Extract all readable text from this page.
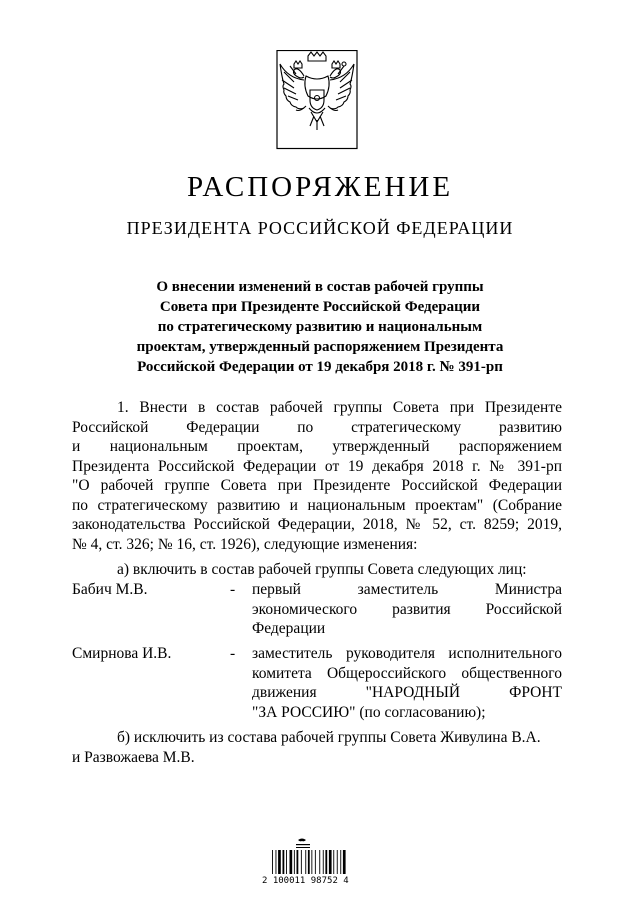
РАСПОРЯЖЕНИЕ
ПРЕЗИДЕНТА РОССИЙСКОЙ ФЕДЕРАЦИИ
О внесении изменений в состав рабочей группы
Совета при Президенте Российской Федерации
по стратегическому развитию и национальным
проектам, утвержденный распоряжением Президента
Российской Федерации от 19 декабря 2018 г. № 391-рп
1. Внести в состав рабочей группы Совета при Президенте
Российской Федерации по стратегическому развитию
и национальным проектам, утвержденный распоряжением
Президента Российской Федерации от 19 декабря 2018 г. № 391-рп
"О рабочей группе Совета при Президенте Российской Федерации
по стратегическому развитию и национальным проектам" (Собрание
законодательства Российской Федерации, 2018, № 52, ст. 8259; 2019,
№ 4, ст. 326; № 16, ст. 1926), следующие изменения:
а) включить в состав рабочей группы Совета следующих лиц:
Бабич М.В.	- первый заместитель Министра
экономического развития Российской
Федерации
Смирнова И.В.	- заместитель руководителя исполнительного
комитета Общероссийского общественного
движения "НАРОДНЫЙ ФРОНТ
"ЗА РОССИЮ" (по согласованию);
б) исключить из состава рабочей группы Совета Живулина В.А.
и Развожаева М.В.
2 100011 98752 4
